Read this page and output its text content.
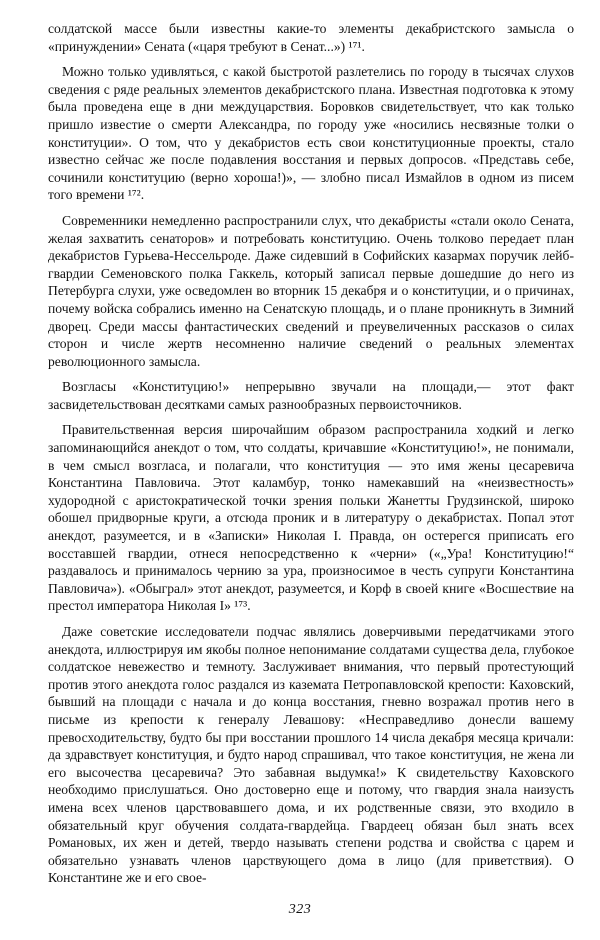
солдатской массе были известны какие-то элементы декабристского замысла о «принуждении» Сената («царя требуют в Сенат...») ¹⁷¹.

Можно только удивляться, с какой быстротой разлетелись по городу в тысячах слухов сведения с ряде реальных элементов декабристского плана. Известная подготовка к этому была проведена еще в дни междуцарствия. Боровков свидетельствует, что как только пришло известие о смерти Александра, по городу уже «носились несвязные толки о конституции». О том, что у декабристов есть свои конституционные проекты, стало известно сейчас же после подавления восстания и первых допросов. «Представь себе, сочинили конституцию (верно хороша!)», — злобно писал Измайлов в одном из писем того времени ¹⁷².

Современники немедленно распространили слух, что декабристы «стали около Сената, желая захватить сенаторов» и потребовать конституцию. Очень толково передает план декабристов Гурьева-Нессельроде. Даже сидевший в Софийских казармах поручик лейб-гвардии Семеновского полка Гаккель, который записал первые дошедшие до него из Петербурга слухи, уже осведомлен во вторник 15 декабря и о конституции, и о причинах, почему войска собрались именно на Сенатскую площадь, и о плане проникнуть в Зимний дворец. Среди массы фантастических сведений и преувеличенных рассказов о силах сторон и числе жертв несомненно наличие сведений о реальных элементах революционного замысла.

Возгласы «Конституцию!» непрерывно звучали на площади,— этот факт засвидетельствован десятками самых разнообразных первоисточников.

Правительственная версия широчайшим образом распространила ходкий и легко запоминающийся анекдот о том, что солдаты, кричавшие «Конституцию!», не понимали, в чем смысл возгласа, и полагали, что конституция — это имя жены цесаревича Константина Павловича. Этот каламбур, тонко намекавший на «неизвестность» худородной с аристократической точки зрения польки Жанетты Грудзинской, широко обошел придворные круги, а отсюда проник и в литературу о декабристах. Попал этот анекдот, разумеется, и в «Записки» Николая I. Правда, он остерегся приписать его восставшей гвардии, отнеся непосредственно к «черни» («„Ура! Конституцию!“ раздавалось и принималось чернию за ура, произносимое в честь супруги Константина Павловича»). «Обыграл» этот анекдот, разумеется, и Корф в своей книге «Восшествие на престол императора Николая I» ¹⁷³.

Даже советские исследователи подчас являлись доверчивыми передатчиками этого анекдота, иллюстрируя им якобы полное непонимание солдатами существа дела, глубокое солдатское невежество и темноту. Заслуживает внимания, что первый протестующий против этого анекдота голос раздался из каземата Петропавловской крепости: Каховский, бывший на площади с начала и до конца восстания, гневно возражал против него в письме из крепости к генералу Левашову: «Несправедливо донесли вашему превосходительству, будто бы при восстании прошлого 14 числа декабря месяца кричали: да здравствует конституция, и будто народ спрашивал, что такое конституция, не жена ли его высочества цесаревича? Это забавная выдумка!» К свидетельству Каховского необходимо прислушаться. Оно достоверно еще и потому, что гвардия знала наизусть имена всех членов царствовавшего дома, и их родственные связи, это входило в обязательный круг обучения солдата-гвардейца. Гвардеец обязан был знать всех Романовых, их жен и детей, твердо называть степени родства и свойства с царем и обязательно узнавать членов царствующего дома в лицо (для приветствия). О Константине же и его свое-

323
